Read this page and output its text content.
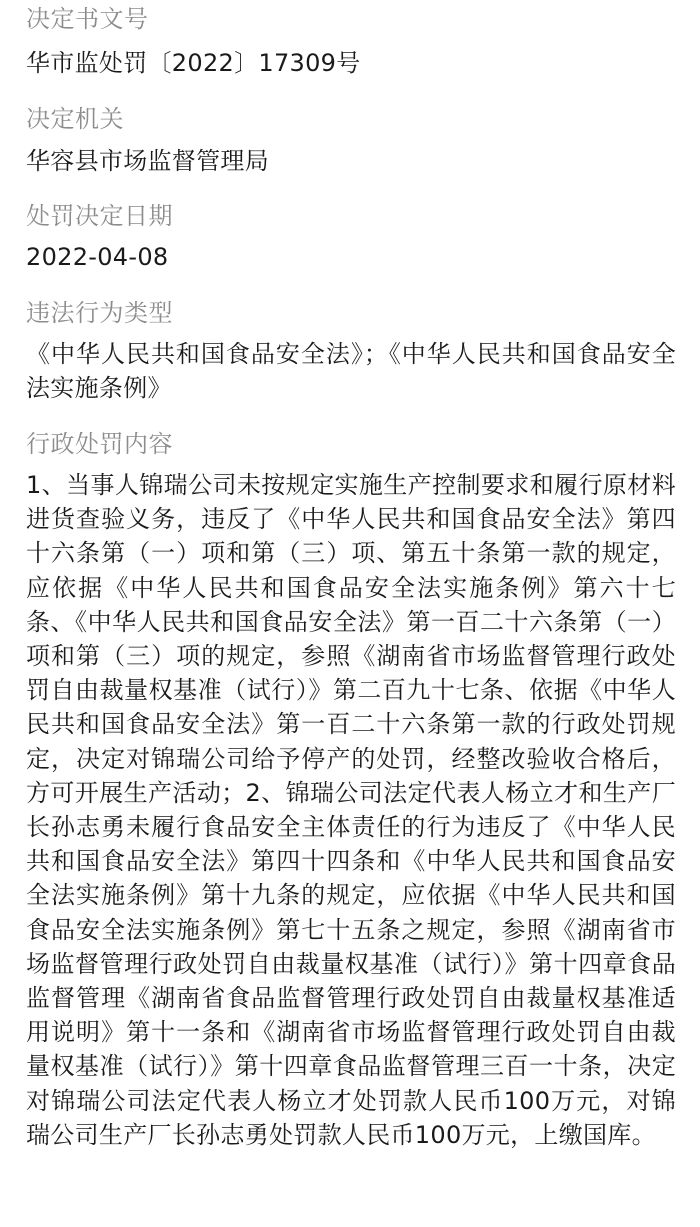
决定书文号

华市监处罚〔2022〕17309号

决定机关

华容县市场监督管理局

处罚决定日期

2022-04-08

违法行为类型

《中华人民共和国食品安全法》；《中华人民共和国食品安全法实施条例》

行政处罚内容

1、当事人锦瑞公司未按规定实施生产控制要求和履行原材料进货查验义务，违反了《中华人民共和国食品安全法》第四十六条第（一）项和第（三）项、第五十条第一款的规定，应依据《中华人民共和国食品安全法实施条例》第六十七条、《中华人民共和国食品安全法》第一百二十六条第（一）项和第（三）项的规定，参照《湖南省市场监督管理行政处罚自由裁量权基准（试行）》第二百九十七条、依据《中华人民共和国食品安全法》第一百二十六条第一款的行政处罚规定，决定对锦瑞公司给予停产的处罚，经整改验收合格后，方可开展生产活动；2、锦瑞公司法定代表人杨立才和生产厂长孙志勇未履行食品安全主体责任的行为违反了《中华人民共和国食品安全法》第四十四条和《中华人民共和国食品安全法实施条例》第十九条的规定，应依据《中华人民共和国食品安全法实施条例》第七十五条之规定，参照《湖南省市场监督管理行政处罚自由裁量权基准（试行）》第十四章食品监督管理《湖南省食品监督管理行政处罚自由裁量权基准适用说明》第十一条和《湖南省市场监督管理行政处罚自由裁量权基准（试行）》第十四章食品监督管理三百一十条，决定对锦瑞公司法定代表人杨立才处罚款人民币100万元，对锦瑞公司生产厂长孙志勇处罚款人民币100万元，上缴国库。
